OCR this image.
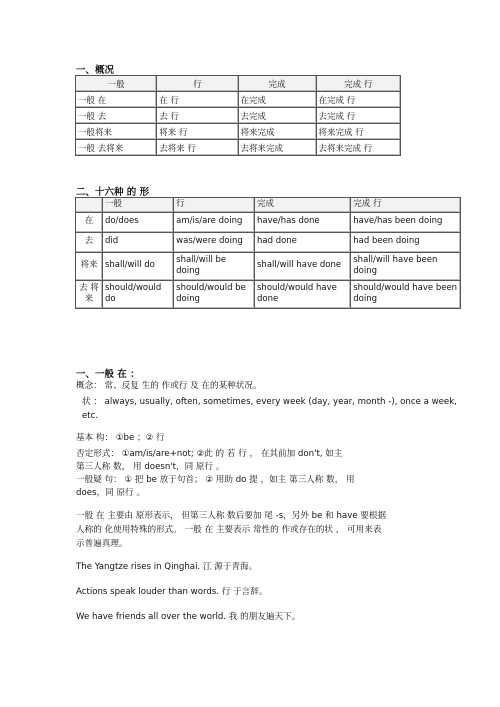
一、概况
一般	行	完成	完成 行
一般 在	在 行	在完成	在完成 行
一般 去	去 行	去完成	去完成 行
一般将来	将来 行	将来完成	将来完成 行
一般 去将来	去将来 行	去将来完成	去将来完成 行
二、十六种 的 形
	一般	行	完成	完成 行
在	do/does	am/is/are doing	have/has done	have/has been doing
去	did	was/were doing	had done	had been doing
将来	shall/will do	shall/will be doing	shall/will have done	shall/will have been doing
去 将来	should/would do	should/would be doing	should/would have done	should/would have been doing
一、一般 在 ：
概念： 常、反复 生的 作或行 及 在的某种状况。
状 ： always, usually, often, sometimes, every week (day, year, month -), once a week, etc.
基本 构： ①be ；② 行
否定形式： ①am/is/are+not; ②此 的 若 行 ， 在其前加 don't, 如主
第三人称 数， 用 doesn't，同 原行 。
一般疑 句： ① 把 be 放于句首； ② 用助 do 提 ，如主 第三人称 数， 用
does，同 原行 。
一般 在 主要由 原形表示， 但第三人称 数后要加 尾 -s，另外 be 和 have 要根据
人称的 化使用特殊的形式。 一般 在 主要表示 常性的 作或存在的状 ， 可用来表
示普遍真理。
The Yangtze rises in Qinghai. 江 源于青海。
Actions speak louder than words. 行 于言辞。
We have friends all over the world. 我 的朋友遍天下。
